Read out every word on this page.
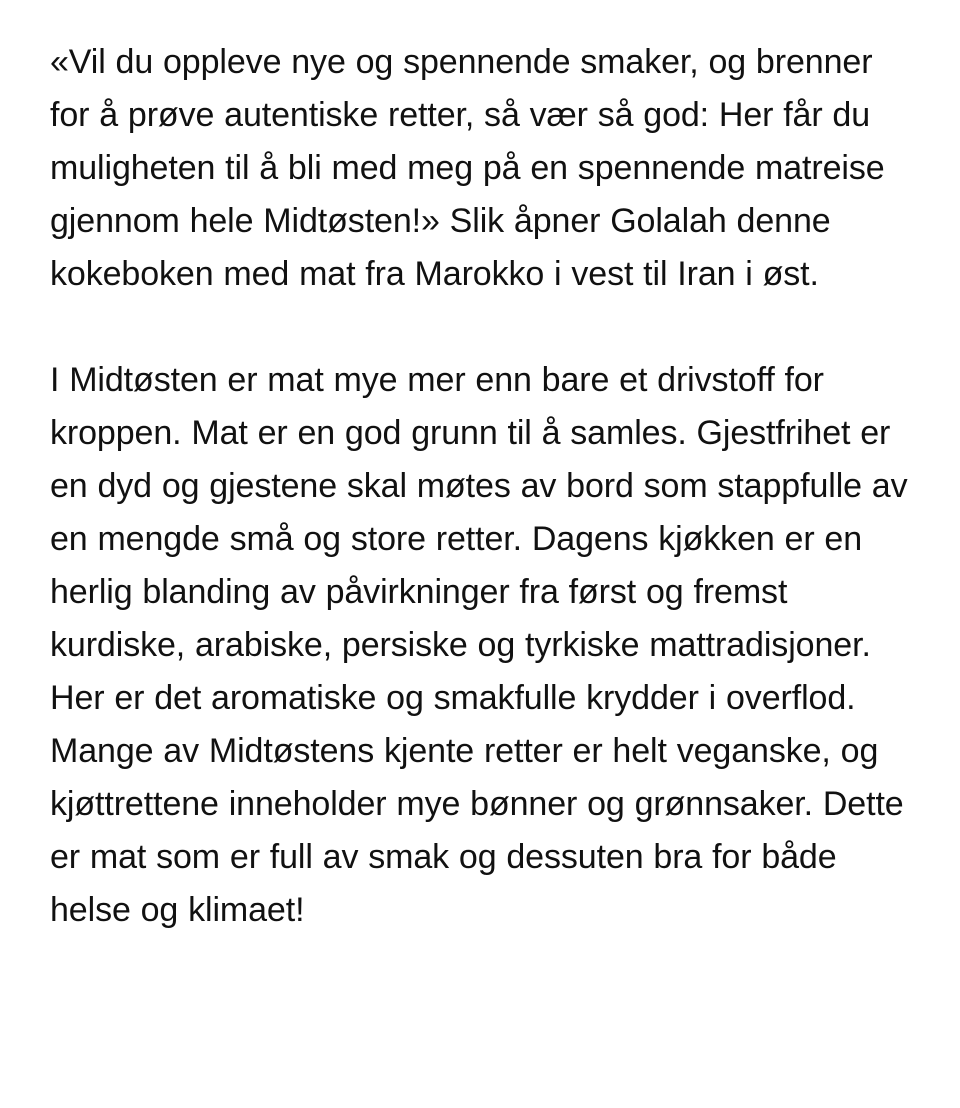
«Vil du oppleve nye og spennende smaker, og brenner for å prøve autentiske retter, så vær så god: Her får du muligheten til å bli med meg på en spennende matreise gjennom hele Midtøsten!» Slik åpner Golalah denne kokeboken med mat fra Marokko i vest til Iran i øst.

I Midtøsten er mat mye mer enn bare et drivstoff for kroppen. Mat er en god grunn til å samles. Gjestfrihet er en dyd og gjestene skal møtes av bord som stappfulle av en mengde små og store retter. Dagens kjøkken er en herlig blanding av påvirkninger fra først og fremst kurdiske, arabiske, persiske og tyrkiske mattradisjoner. Her er det aromatiske og smakfulle krydder i overflod. Mange av Midtøstens kjente retter er helt veganske, og kjøttrettene inneholder mye bønner og grønnsaker. Dette er mat som er full av smak og dessuten bra for både helse og klimaet!
